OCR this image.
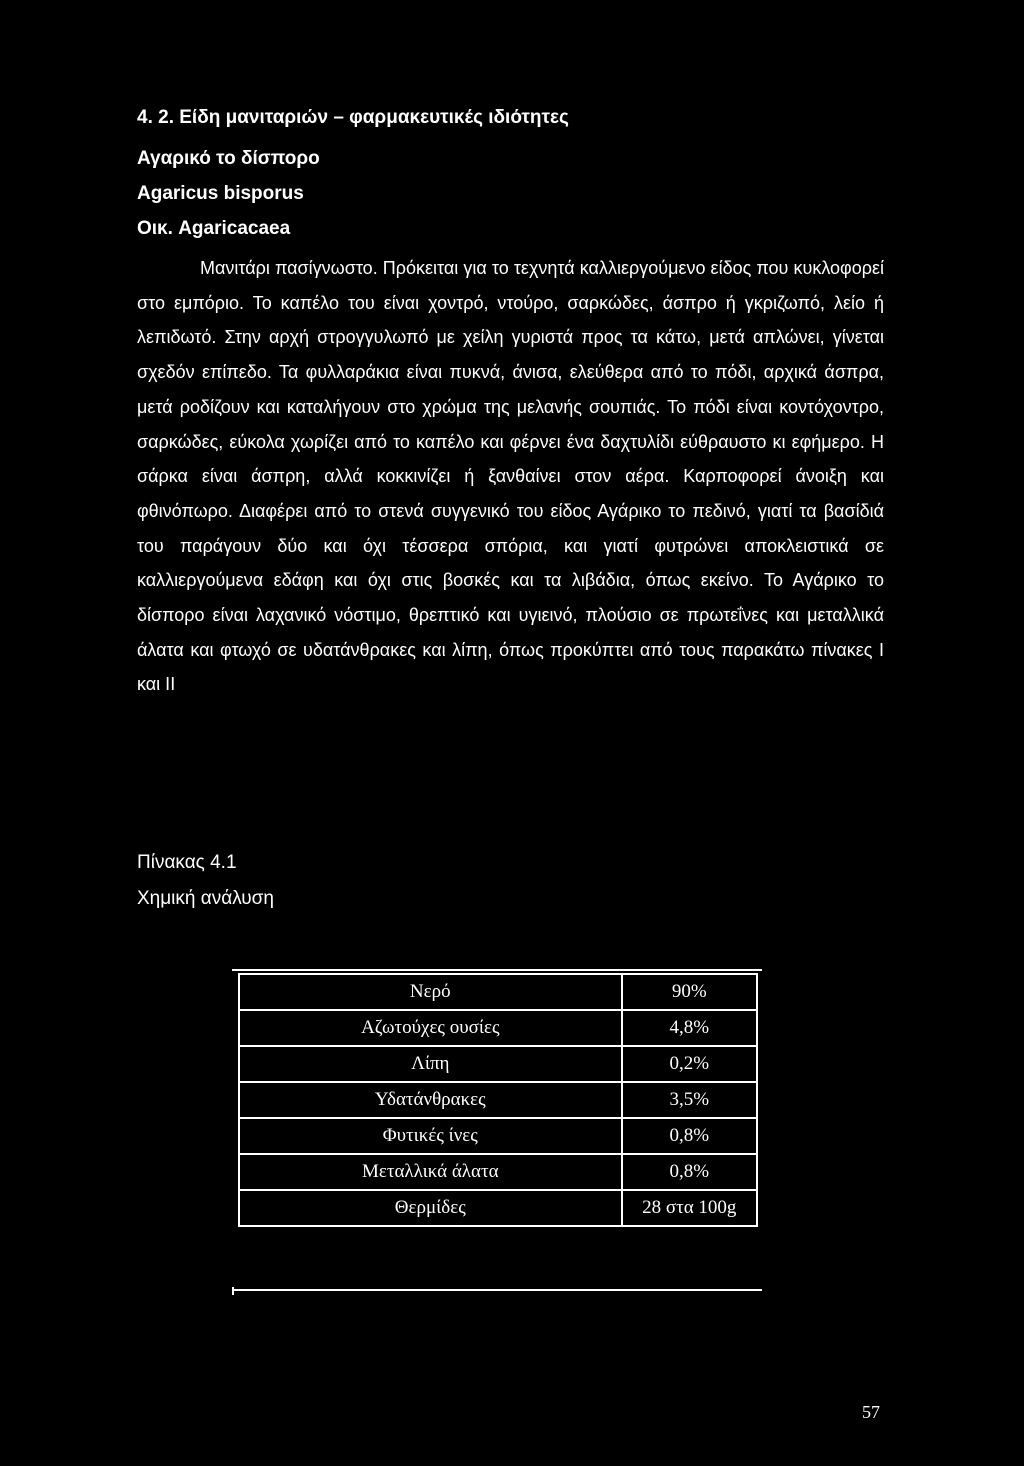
4. 2. Είδη μανιταριών – φαρμακευτικές ιδιότητες
Αγαρικό το δίσπορο
Agaricus bisporus
Οικ. Agaricacaea

Μανιτάρι πασίγνωστο. Πρόκειται για το τεχνητά καλλιεργούμενο είδος που κυκλοφορεί στο εμπόριο. Το καπέλο του είναι χοντρό, ντούρο, σαρκώδες, άσπρο ή γκριζωπό, λείο ή λεπιδωτό. Στην αρχή στρογγυλωπό με χείλη γυριστά προς τα κάτω, μετά απλώνει, γίνεται σχεδόν επίπεδο. Τα φυλλαράκια είναι πυκνά, άνισα, ελεύθερα από το πόδι, αρχικά άσπρα, μετά ροδίζουν και καταλήγουν στο χρώμα της μελανής σουπιάς. Το πόδι είναι κοντόχοντρο, σαρκώδες, εύκολα χωρίζει από το καπέλο και φέρνει ένα δαχτυλίδι εύθραυστο κι εφήμερο. Η σάρκα είναι άσπρη, αλλά κοκκινίζει ή ξανθαίνει στον αέρα. Καρποφορεί άνοιξη και φθινόπωρο. Διαφέρει από το στενά συγγενικό του είδος Αγάρικο το πεδινό, γιατί τα βασίδιά του παράγουν δύο και όχι τέσσερα σπόρια, και γιατί φυτρώνει αποκλειστικά σε καλλιεργούμενα εδάφη και όχι στις βοσκές και τα λιβάδια, όπως εκείνο. Το Αγάρικο το δίσπορο είναι λαχανικό νόστιμο, θρεπτικό και υγιεινό, πλούσιο σε πρωτεΐνες και μεταλλικά άλατα και φτωχό σε υδατάνθρακες και λίπη, όπως προκύπτει από τους παρακάτω πίνακες I και II

Πίνακας 4.1
Χημική ανάλυση
Νερό	90%
Αζωτούχες ουσίες	4,8%
Λίπη	0,2%
Υδατάνθρακες	3,5%
Φυτικές ίνες	0,8%
Μεταλλικά άλατα	0,8%
Θερμίδες	28 στα 100g
57
